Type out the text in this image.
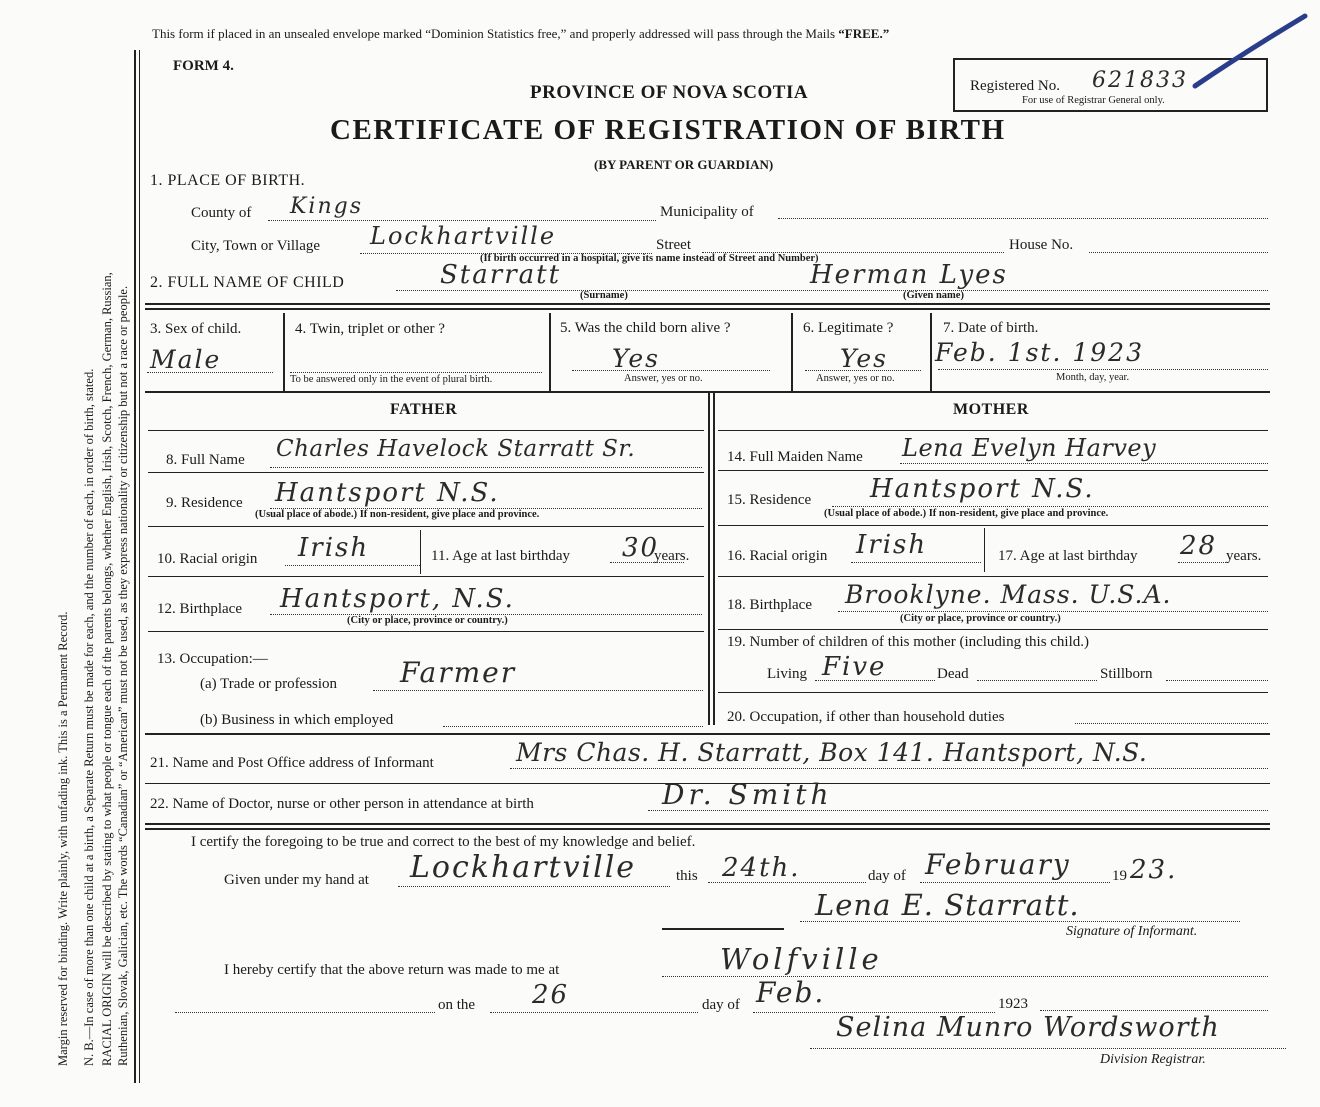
Margin reserved for binding. Write plainly, with unfading ink. This is a Permanent Record. N. B.—In case of more than one child at a birth, a Separate Return must be made for each, and the number of each, in order of birth, stated. RACIAL ORIGIN will be described by stating to what people or tongue each of the parents belongs, whether English, Irish, Scotch, French, German, Russian, Ruthenian, Slovak, Galician, etc. The words “Canadian” or “American” must not be used, as they express nationality or citizenship but not a race or people.
This form if placed in an unsealed envelope marked “Dominion Statistics free,” and properly addressed will pass through the Mails “FREE.”
FORM 4.
PROVINCE OF NOVA SCOTIA
CERTIFICATE OF REGISTRATION OF BIRTH
(BY PARENT OR GUARDIAN)
Registered No. 621833
For use of Registrar General only.
1. PLACE OF BIRTH.
County of Kings	Municipality of
City, Town or Village Lockhartville	Street	House No.
(If birth occurred in a hospital, give its name instead of Street and Number)
2. FULL NAME OF CHILD	Starratt	Herman Lyes
(Surname)	(Given name)
3. Sex of child.
Male
4. Twin, triplet or other ?
To be answered only in the event of plural birth.
5. Was the child born alive ?
Yes
Answer, yes or no.
6. Legitimate ?
Yes
Answer, yes or no.
7. Date of birth.
Feb. 1st. 1923
Month, day, year.
FATHER	MOTHER
8. Full Name Charles Havelock Starratt Sr.
9. Residence Hantsport N.S.
(Usual place of abode.) If non-resident, give place and province.
10. Racial origin Irish	11. Age at last birthday 30
years.
12. Birthplace Hantsport, N.S.
(City or place, province or country.)
13. Occupation:—
(a) Trade or profession Farmer
(b) Business in which employed
14. Full Maiden Name Lena Evelyn Harvey
15. Residence Hantsport N.S.
(Usual place of abode.) If non-resident, give place and province.
16. Racial origin Irish	17. Age at last birthday 28 years.
18. Birthplace Brooklyne. Mass. U.S.A.
(City or place, province or country.)
19. Number of children of this mother (including this child.)
Living Five	Dead	Stillborn
20. Occupation, if other than household duties
21. Name and Post Office address of Informant	Mrs Chas. H. Starratt, Box 141. Hantsport, N.S.
22. Name of Doctor, nurse or other person in attendance at birth	Dr. Smith
I certify the foregoing to be true and correct to the best of my knowledge and belief.
Given under my hand at Lockhartville	this 24th.	day of February	19 23.
Lena E. Starratt.
Signature of Informant.
I hereby certify that the above return was made to me at	Wolfville
on the 26	day of Feb.	1923
Selina Munro Wordsworth
Division Registrar.
